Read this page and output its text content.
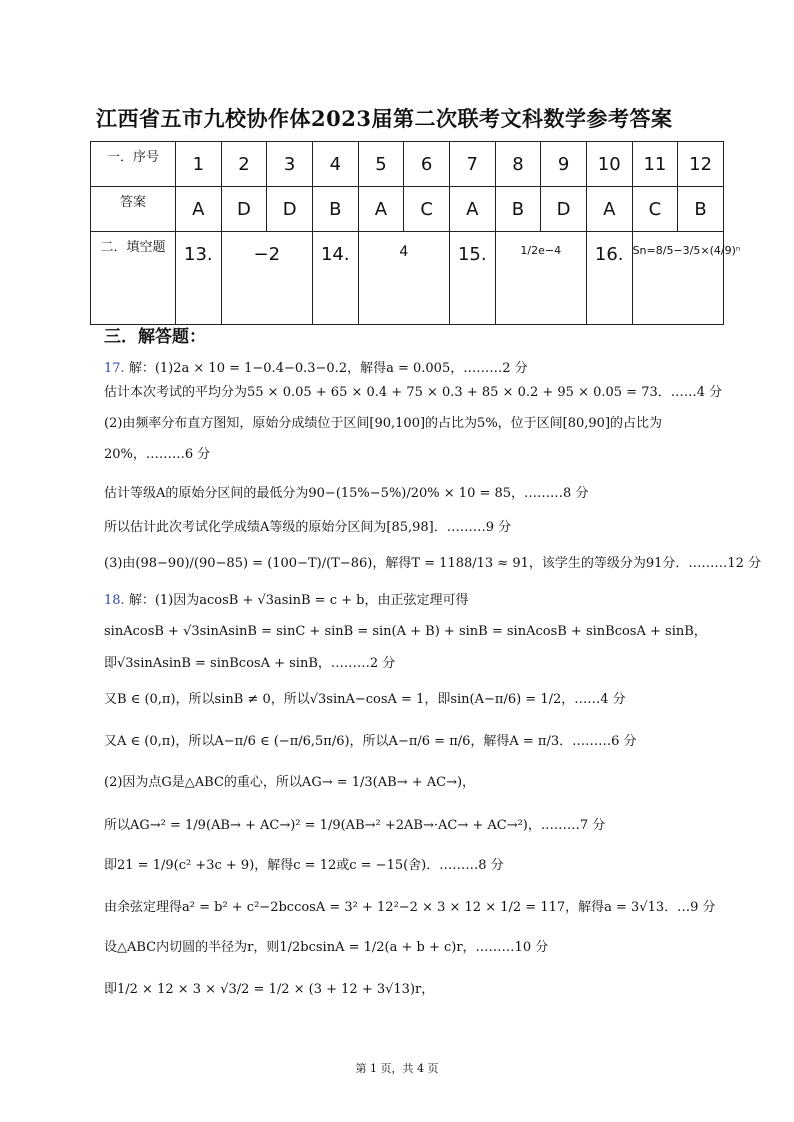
江西省五市九校协作体2023届第二次联考文科数学参考答案
一．序号	1	2	3	4	5	6	7	8	9	10	11	12
答案	A	D	D	B	A	C	A	B	D	A	C	B
二．填空题	13.	−2		14.	4		15.	1/2e−4		16.	Sn=8/5−3/5×(4/9)ⁿ	
三．解答题：
17. 解：(1)2a × 10 = 1−0.4−0.3−0.2，解得a = 0.005，………2 分
估计本次考试的平均分为55 × 0.05 + 65 × 0.4 + 75 × 0.3 + 85 × 0.2 + 95 × 0.05 = 73．……4 分
(2)由频率分布直方图知，原始分成绩位于区间[90,100]的占比为5%，位于区间[80,90]的占比为
20%，………6 分
估计等级A的原始分区间的最低分为90−(15%−5%)/20% × 10 = 85，………8 分
所以估计此次考试化学成绩A等级的原始分区间为[85,98]．………9 分
(3)由(98−90)/(90−85) = (100−T)/(T−86)，解得T = 1188/13 ≈ 91，该学生的等级分为91分．………12 分
18. 解：(1)因为acosB + √3asinB = c + b，由正弦定理可得
sinAcosB + √3sinAsinB = sinC + sinB = sin(A + B) + sinB = sinAcosB + sinBcosA + sinB，
即√3sinAsinB = sinBcosA + sinB，………2 分
又B ∈ (0,π)，所以sinB ≠ 0，所以√3sinA−cosA = 1，即sin(A−π/6) = 1/2，……4 分
又A ∈ (0,π)，所以A−π/6 ∈ (−π/6,5π/6)，所以A−π/6 = π/6，解得A = π/3．………6 分
(2)因为点G是△ABC的重心，所以AG→ = 1/3(AB→ + AC→)，
所以AG→² = 1/9(AB→ + AC→)² = 1/9(AB→² +2AB→·AC→ + AC→²)，………7 分
即21 = 1/9(c² +3c + 9)，解得c = 12或c = −15(舍)．………8 分
由余弦定理得a² = b² + c²−2bccosA = 3² + 12²−2 × 3 × 12 × 1/2 = 117，解得a = 3√13．…9 分
设△ABC内切圆的半径为r，则1/2bcsinA = 1/2(a + b + c)r，………10 分
即1/2 × 12 × 3 × √3/2 = 1/2 × (3 + 12 + 3√13)r，
第 1 页，共 4 页
